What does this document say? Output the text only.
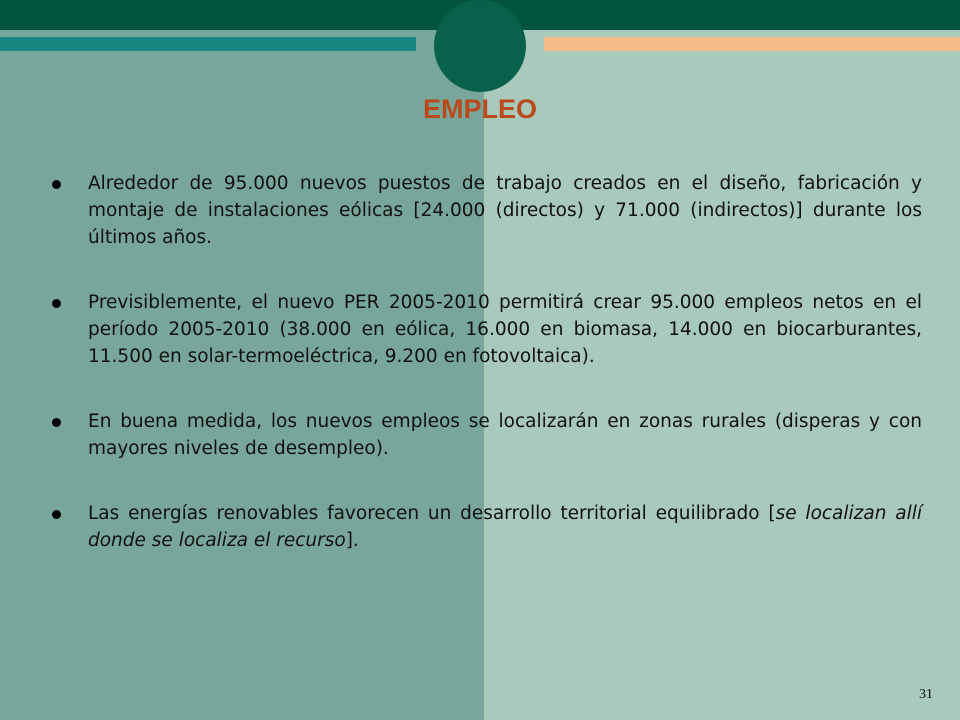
EMPLEO
Alrededor de 95.000 nuevos puestos de trabajo creados en el diseño, fabricación y montaje de instalaciones eólicas [24.000 (directos) y 71.000 (indirectos)] durante los últimos años.
Previsiblemente, el nuevo PER 2005-2010 permitirá crear 95.000 empleos netos en el período 2005-2010 (38.000 en eólica, 16.000 en biomasa, 14.000 en biocarburantes, 11.500 en solar-termoeléctrica, 9.200 en fotovoltaica).
En buena medida, los nuevos empleos se localizarán en zonas rurales (disperas y con mayores niveles de desempleo).
Las energías renovables favorecen un desarrollo territorial equilibrado [se localizan allí donde se localiza el recurso].
31
